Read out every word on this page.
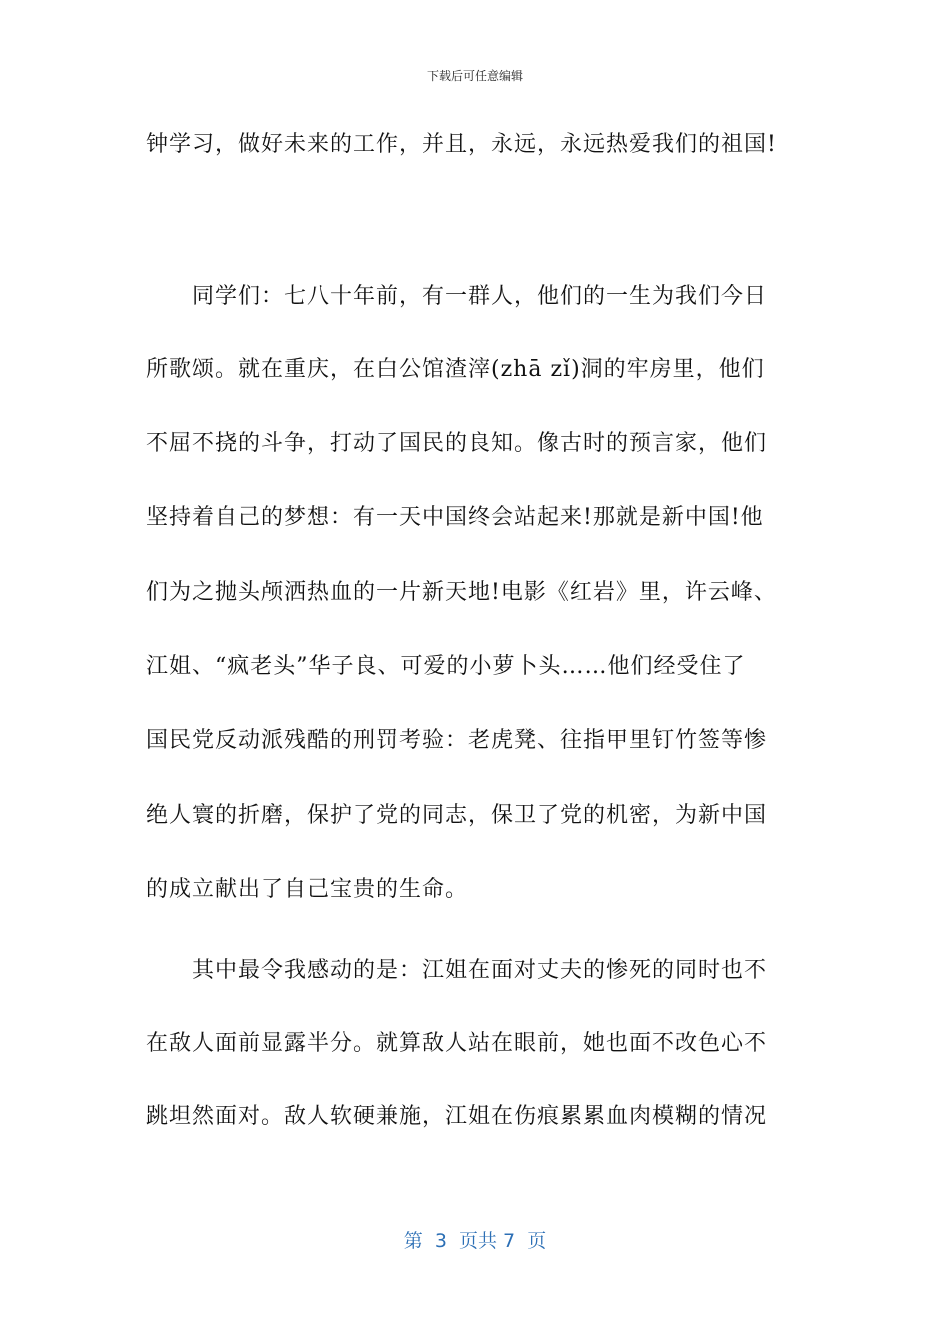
下载后可任意编辑
钟学习，做好未来的工作，并且，永远，永远热爱我们的祖国!
　　同学们：七八十年前，有一群人，他们的一生为我们今日
所歌颂。就在重庆，在白公馆渣滓(zhā zǐ)洞的牢房里，他们
不屈不挠的斗争，打动了国民的良知。像古时的预言家，他们
坚持着自己的梦想：有一天中国终会站起来!那就是新中国!他
们为之抛头颅洒热血的一片新天地!电影《红岩》里，许云峰、
江姐、“疯老头”华子良、可爱的小萝卜头……他们经受住了
国民党反动派残酷的刑罚考验：老虎凳、往指甲里钉竹签等惨
绝人寰的折磨，保护了党的同志，保卫了党的机密，为新中国
的成立献出了自己宝贵的生命。
　　其中最令我感动的是：江姐在面对丈夫的惨死的同时也不
在敌人面前显露半分。就算敌人站在眼前，她也面不改色心不
跳坦然面对。敌人软硬兼施，江姐在伤痕累累血肉模糊的情况
第  3  页共 7  页
